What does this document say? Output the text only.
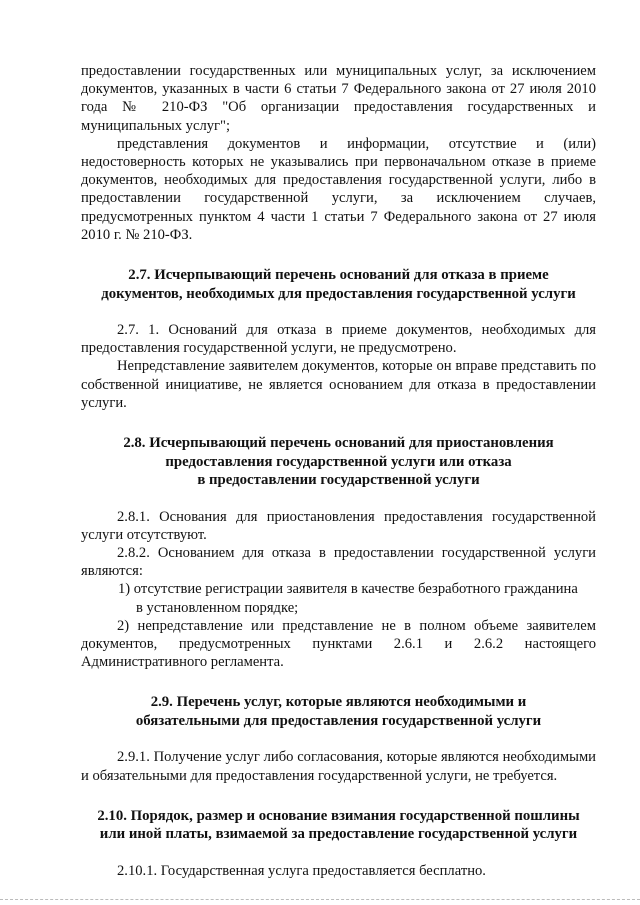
предоставлении государственных или муниципальных услуг, за исключением документов, указанных в части 6 статьи 7 Федерального закона от 27 июля 2010 года № 210-ФЗ "Об организации предоставления государственных и муниципальных услуг";

представления документов и информации, отсутствие и (или) недостоверность которых не указывались при первоначальном отказе в приеме документов, необходимых для предоставления государственной услуги, либо в предоставлении государственной услуги, за исключением случаев, предусмотренных пунктом 4 части 1 статьи 7 Федерального закона от 27 июля 2010 г. № 210-ФЗ.

2.7. Исчерпывающий перечень оснований для отказа в приеме

документов, необходимых для предоставления государственной услуги

2.7. 1. Оснований для отказа в приеме документов, необходимых для предоставления государственной услуги, не предусмотрено.

Непредставление заявителем документов, которые он вправе представить по собственной инициативе, не является основанием для отказа в предоставлении услуги.

2.8. Исчерпывающий перечень оснований для приостановления

предоставления государственной услуги или отказа

в предоставлении государственной услуги

2.8.1. Основания для приостановления предоставления государственной услуги отсутствуют.

2.8.2. Основанием для отказа в предоставлении государственной услуги являются:

1) отсутствие регистрации заявителя в качестве безработного гражданина

в установленном порядке;

2) непредставление или представление не в полном объеме заявителем документов, предусмотренных пунктами 2.6.1 и 2.6.2 настоящего Административного регламента.

2.9. Перечень услуг, которые являются необходимыми и

обязательными для предоставления государственной услуги

2.9.1. Получение услуг либо согласования, которые являются необходимыми и обязательными для предоставления государственной услуги, не требуется.

2.10. Порядок, размер и основание взимания государственной пошлины

или иной платы, взимаемой за предоставление государственной услуги

2.10.1. Государственная услуга предоставляется бесплатно.
